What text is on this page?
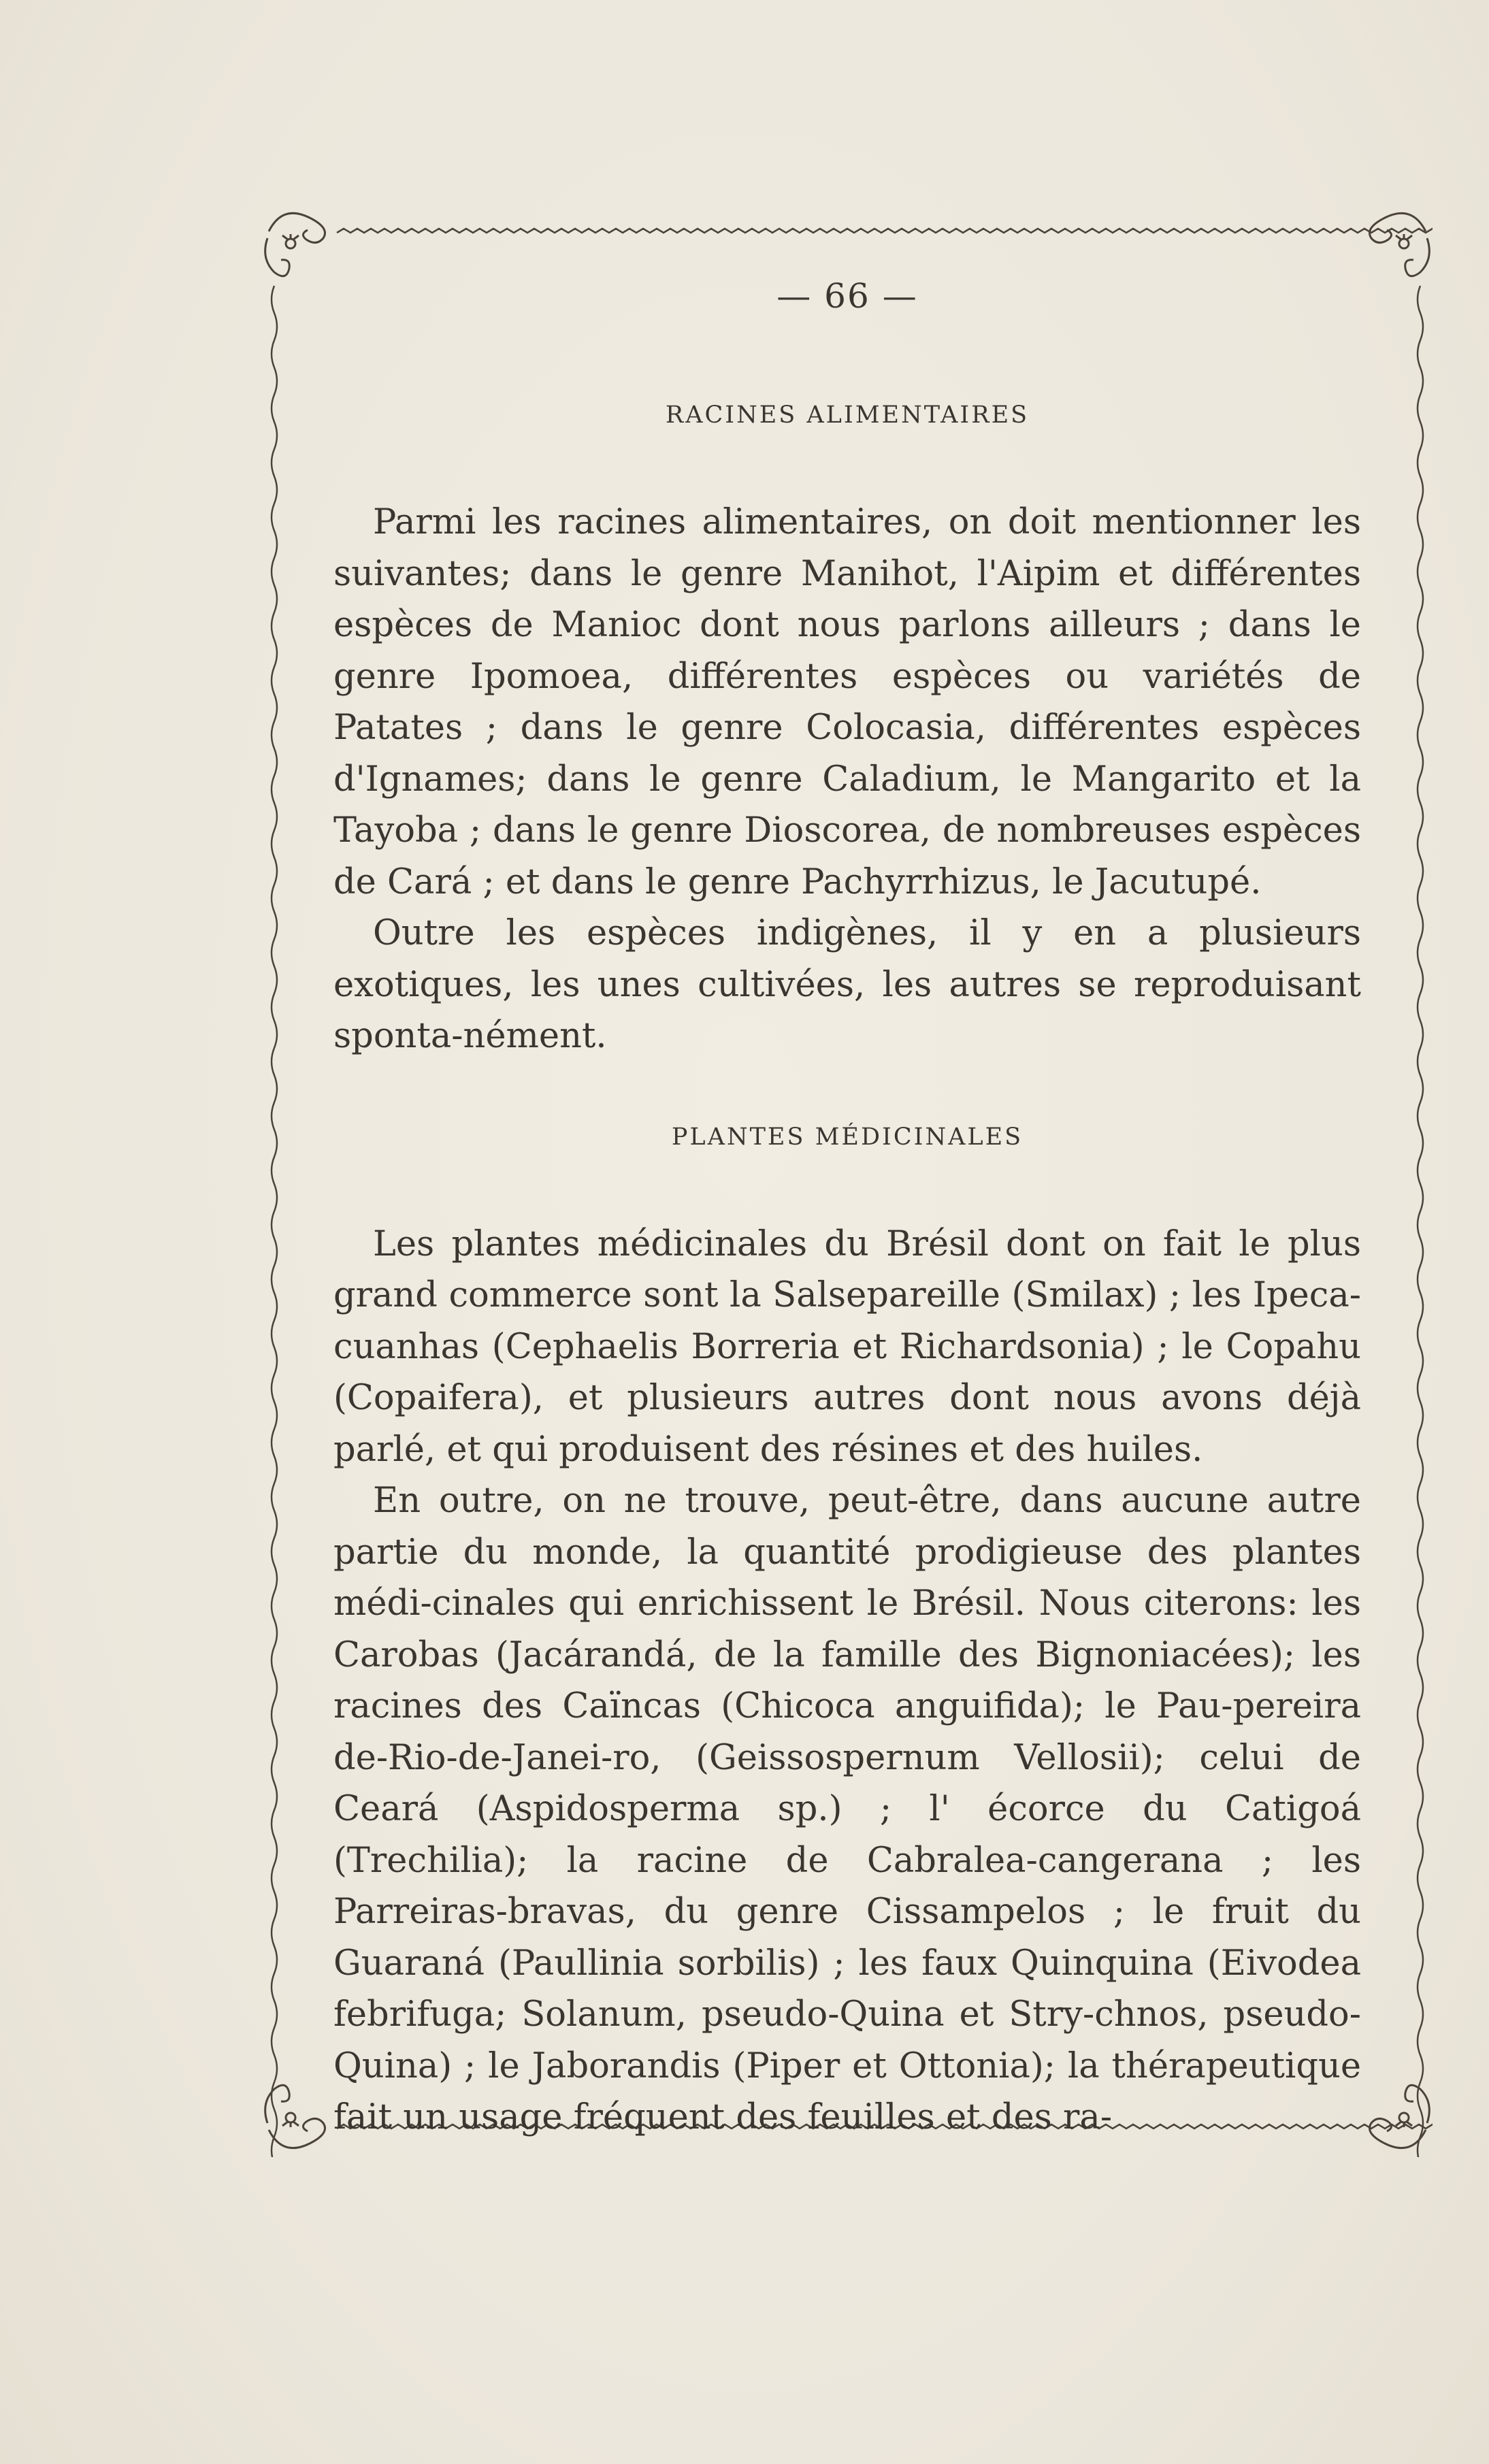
— 66 —
RACINES ALIMENTAIRES

Parmi les racines alimentaires, on doit mentionner les suivantes; dans le genre Manihot, l'Aipim et différentes espèces de Manioc dont nous parlons ailleurs ; dans le genre Ipomoea, différentes espèces ou variétés de Patates ; dans le genre Colocasia, différentes espèces d'Ignames; dans le genre Caladium, le Mangarito et la Tayoba ; dans le genre Dioscorea, de nombreuses espèces de Cará ; et dans le genre Pachyrrhizus, le Jacutupé.

Outre les espèces indigènes, il y en a plusieurs exotiques, les unes cultivées, les autres se reproduisant sponta-nément.

PLANTES MÉDICINALES

Les plantes médicinales du Brésil dont on fait le plus grand commerce sont la Salsepareille (Smilax) ; les Ipeca-cuanhas (Cephaelis Borreria et Richardsonia) ; le Copahu (Copaifera), et plusieurs autres dont nous avons déjà parlé, et qui produisent des résines et des huiles.

En outre, on ne trouve, peut-être, dans aucune autre partie du monde, la quantité prodigieuse des plantes médi-cinales qui enrichissent le Brésil. Nous citerons: les Carobas (Jacárandá, de la famille des Bignoniacées); les racines des Caïncas (Chicoca anguifida); le Pau-pereira de-Rio-de-Janei-ro, (Geissospernum Vellosii); celui de Ceará (Aspidosperma sp.) ; l' écorce du Catigoá (Trechilia); la racine de Cabralea-cangerana ; les Parreiras-bravas, du genre Cissampelos ; le fruit du Guaraná (Paullinia sorbilis) ; les faux Quinquina (Eivodea febrifuga; Solanum, pseudo-Quina et Stry-chnos, pseudo-Quina) ; le Jaborandis (Piper et Ottonia); la thérapeutique fait un usage fréquent des feuilles et des ra-
